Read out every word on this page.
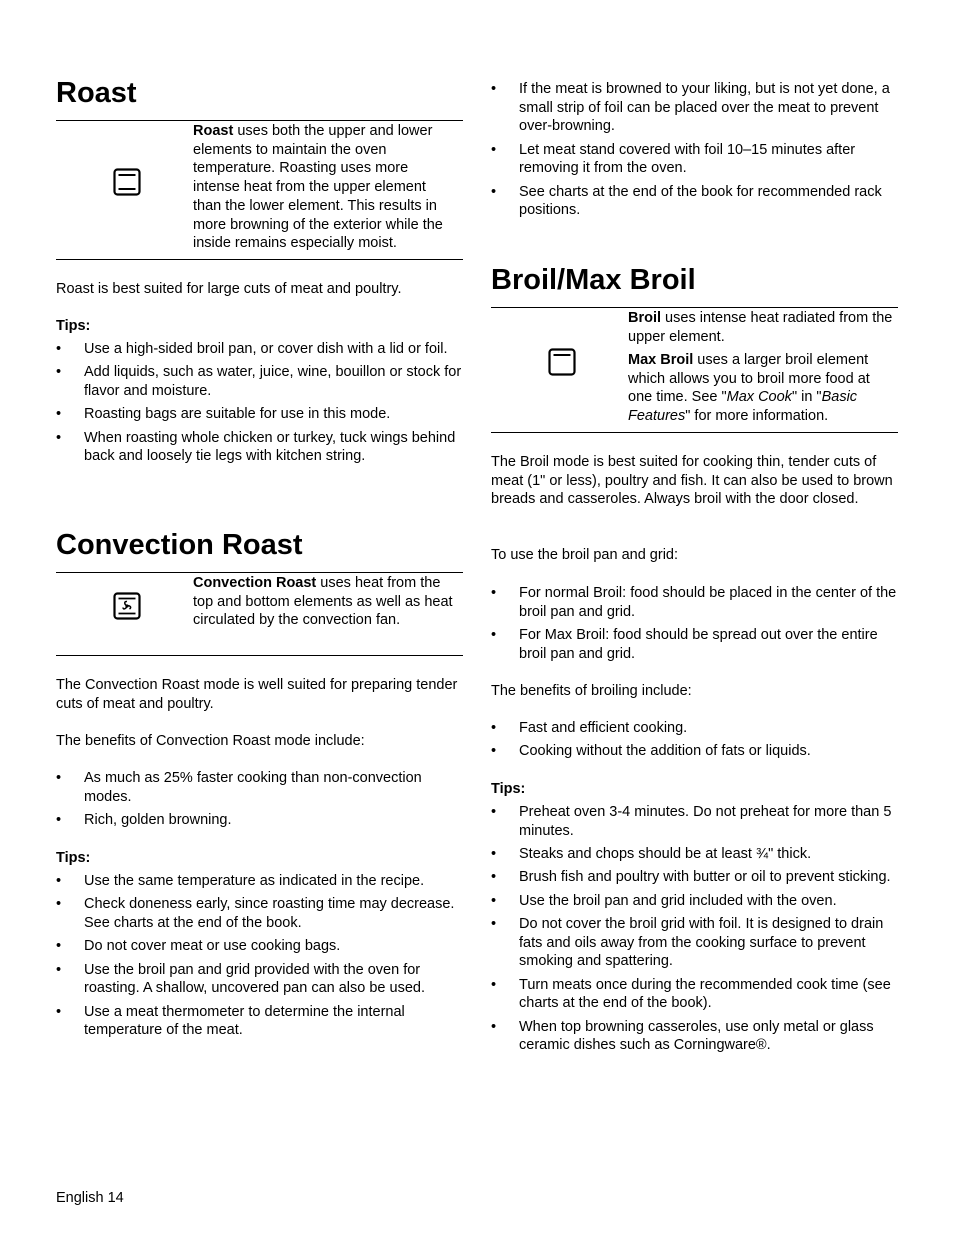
Roast
Roast uses both the upper and lower elements to maintain the oven temperature. Roasting uses more intense heat from the upper element than the lower element. This results in more browning of the exterior while the inside remains especially moist.

Roast is best suited for large cuts of meat and poultry.

Tips:

• Use a high-sided broil pan, or cover dish with a lid or foil.
• Add liquids, such as water, juice, wine, bouillon or stock for flavor and moisture.
• Roasting bags are suitable for use in this mode.
• When roasting whole chicken or turkey, tuck wings behind back and loosely tie legs with kitchen string.
Convection Roast
Convection Roast uses heat from the top and bottom elements as well as heat circulated by the convection fan.

The Convection Roast mode is well suited for preparing tender cuts of meat and poultry.

The benefits of Convection Roast mode include:

• As much as 25% faster cooking than non-convection modes.
• Rich, golden browning.

Tips:

• Use the same temperature as indicated in the recipe.
• Check doneness early, since roasting time may decrease. See charts at the end of the book.
• Do not cover meat or use cooking bags.
• Use the broil pan and grid provided with the oven for roasting. A shallow, uncovered pan can also be used.
• Use a meat thermometer to determine the internal temperature of the meat.
• If the meat is browned to your liking, but is not yet done, a small strip of foil can be placed over the meat to prevent over-browning.
• Let meat stand covered with foil 10–15 minutes after removing it from the oven.
• See charts at the end of the book for recommended rack positions.
Broil/Max Broil
Broil uses intense heat radiated from the upper element.
Max Broil uses a larger broil element which allows you to broil more food at one time. See "Max Cook" in "Basic Features" for more information.

The Broil mode is best suited for cooking thin, tender cuts of meat (1" or less), poultry and fish. It can also be used to brown breads and casseroles. Always broil with the door closed.

To use the broil pan and grid:

• For normal Broil: food should be placed in the center of the broil pan and grid.
• For Max Broil: food should be spread out over the entire broil pan and grid.

The benefits of broiling include:

• Fast and efficient cooking.
• Cooking without the addition of fats or liquids.

Tips:

• Preheat oven 3-4 minutes. Do not preheat for more than 5 minutes.
• Steaks and chops should be at least ¾" thick.
• Brush fish and poultry with butter or oil to prevent sticking.
• Use the broil pan and grid included with the oven.
• Do not cover the broil grid with foil. It is designed to drain fats and oils away from the cooking surface to prevent smoking and spattering.
• Turn meats once during the recommended cook time (see charts at the end of the book).
• When top browning casseroles, use only metal or glass ceramic dishes such as Corningware®.
English 14
